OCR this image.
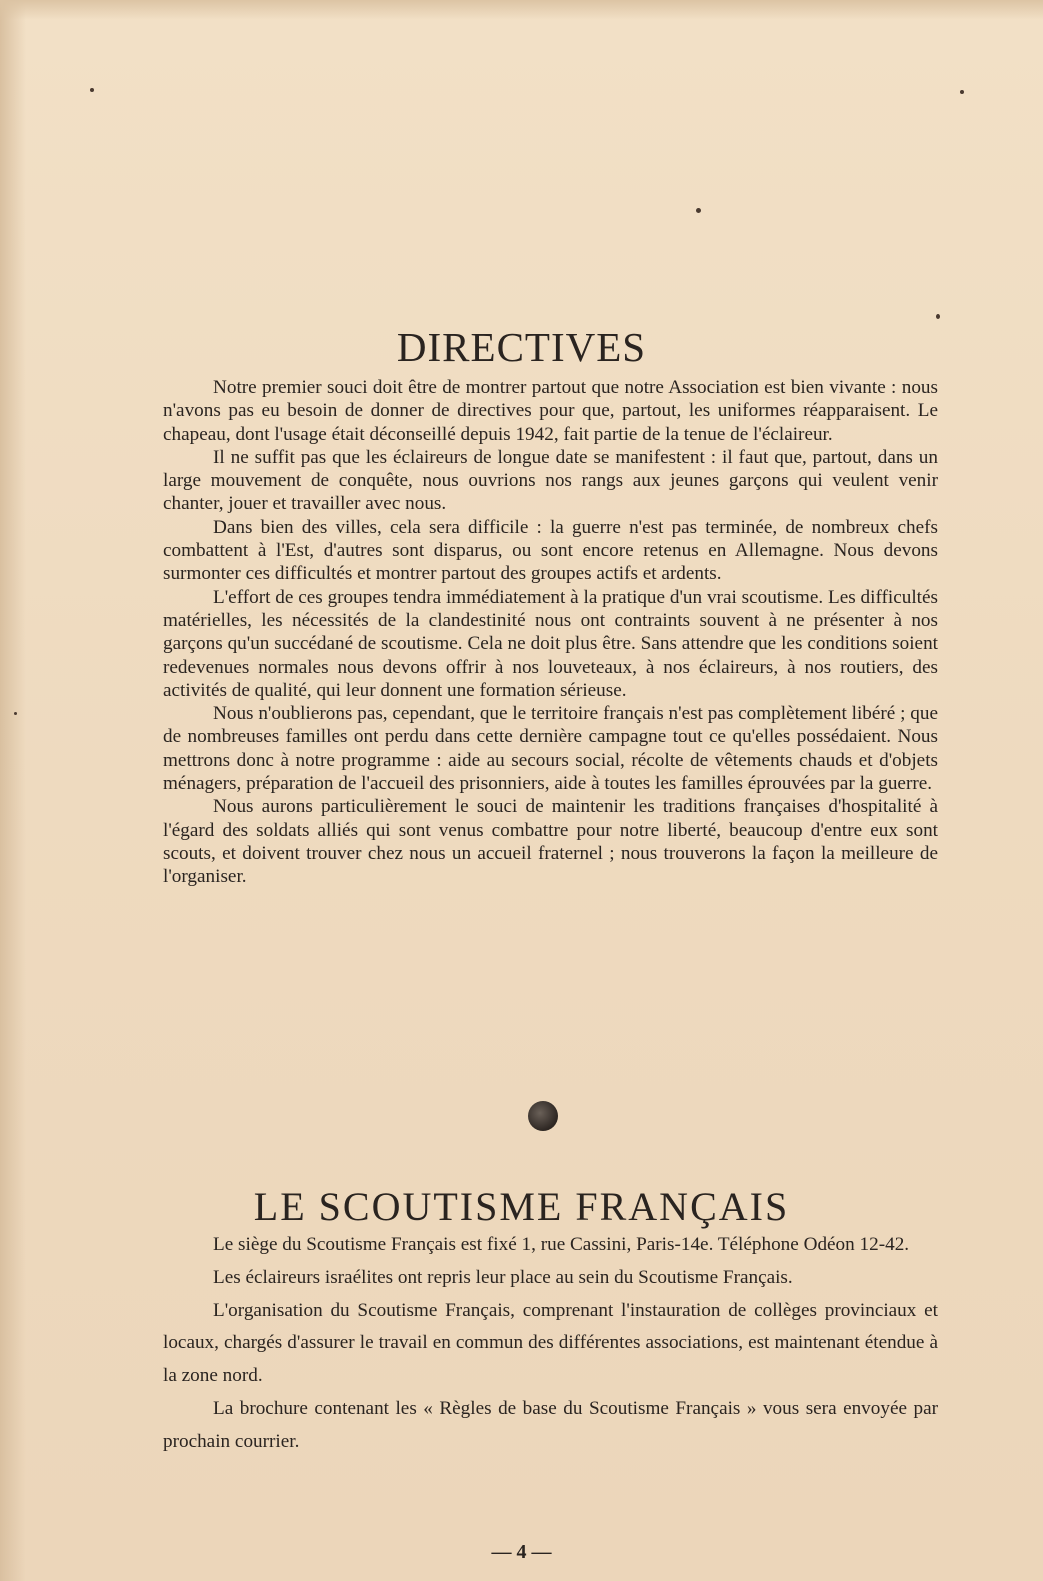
DIRECTIVES

Notre premier souci doit être de montrer partout que notre Association est bien vivante : nous n'avons pas eu besoin de donner de directives pour que, partout, les uniformes réapparaisent. Le chapeau, dont l'usage était déconseillé depuis 1942, fait partie de la tenue de l'éclaireur.

Il ne suffit pas que les éclaireurs de longue date se manifestent : il faut que, partout, dans un large mouvement de conquête, nous ouvrions nos rangs aux jeunes garçons qui veulent venir chanter, jouer et travailler avec nous.

Dans bien des villes, cela sera difficile : la guerre n'est pas terminée, de nombreux chefs combattent à l'Est, d'autres sont disparus, ou sont encore retenus en Allemagne. Nous devons surmonter ces difficultés et montrer partout des groupes actifs et ardents.

L'effort de ces groupes tendra immédiatement à la pratique d'un vrai scoutisme. Les difficultés matérielles, les nécessités de la clandestinité nous ont contraints souvent à ne présenter à nos garçons qu'un succédané de scoutisme. Cela ne doit plus être. Sans attendre que les conditions soient redevenues normales nous devons offrir à nos louveteaux, à nos éclaireurs, à nos routiers, des activités de qualité, qui leur donnent une formation sérieuse.

Nous n'oublierons pas, cependant, que le territoire français n'est pas complètement libéré ; que de nombreuses familles ont perdu dans cette dernière campagne tout ce qu'elles possédaient. Nous mettrons donc à notre programme : aide au secours social, récolte de vêtements chauds et d'objets ménagers, préparation de l'accueil des prisonniers, aide à toutes les familles éprouvées par la guerre.

Nous aurons particulièrement le souci de maintenir les traditions françaises d'hospitalité à l'égard des soldats alliés qui sont venus combattre pour notre liberté, beaucoup d'entre eux sont scouts, et doivent trouver chez nous un accueil fraternel ; nous trouverons la façon la meilleure de l'organiser.

LE SCOUTISME FRANÇAIS

Le siège du Scoutisme Français est fixé 1, rue Cassini, Paris-14e. Téléphone Odéon 12-42.

Les éclaireurs israélites ont repris leur place au sein du Scoutisme Français.

L'organisation du Scoutisme Français, comprenant l'instauration de collèges provinciaux et locaux, chargés d'assurer le travail en commun des différentes associations, est maintenant étendue à la zone nord.

La brochure contenant les « Règles de base du Scoutisme Français » vous sera envoyée par prochain courrier.

— 4 —
